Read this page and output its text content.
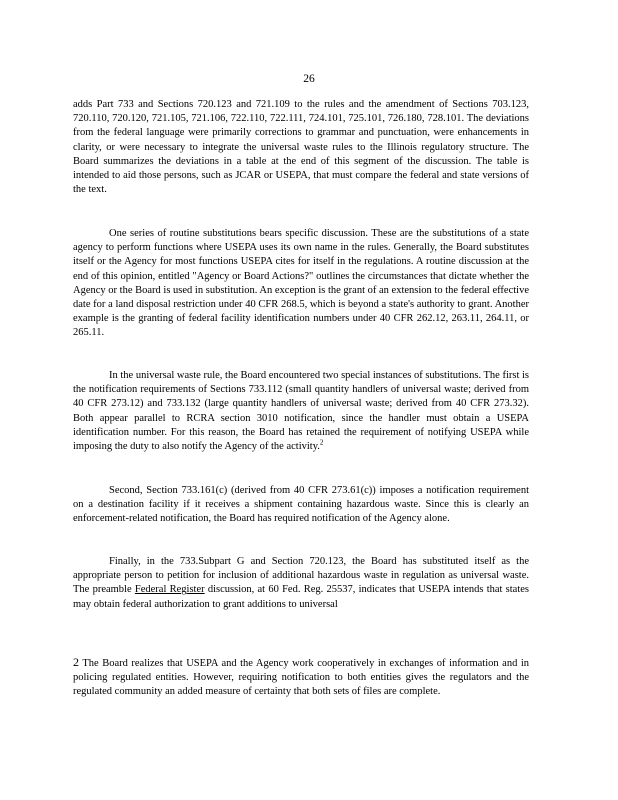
26

adds Part 733 and Sections 720.123 and 721.109 to the rules and the amendment of Sections 703.123, 720.110, 720.120, 721.105, 721.106, 722.110, 722.111, 724.101, 725.101, 726.180, 728.101. The deviations from the federal language were primarily corrections to grammar and punctuation, were enhancements in clarity, or were necessary to integrate the universal waste rules to the Illinois regulatory structure. The Board summarizes the deviations in a table at the end of this segment of the discussion. The table is intended to aid those persons, such as JCAR or USEPA, that must compare the federal and state versions of the text.

One series of routine substitutions bears specific discussion. These are the substitutions of a state agency to perform functions where USEPA uses its own name in the rules. Generally, the Board substitutes itself or the Agency for most functions USEPA cites for itself in the regulations. A routine discussion at the end of this opinion, entitled "Agency or Board Actions?" outlines the circumstances that dictate whether the Agency or the Board is used in substitution. An exception is the grant of an extension to the federal effective date for a land disposal restriction under 40 CFR 268.5, which is beyond a state's authority to grant. Another example is the granting of federal facility identification numbers under 40 CFR 262.12, 263.11, 264.11, or 265.11.

In the universal waste rule, the Board encountered two special instances of substitutions. The first is the notification requirements of Sections 733.112 (small quantity handlers of universal waste; derived from 40 CFR 273.12) and 733.132 (large quantity handlers of universal waste; derived from 40 CFR 273.32). Both appear parallel to RCRA section 3010 notification, since the handler must obtain a USEPA identification number. For this reason, the Board has retained the requirement of notifying USEPA while imposing the duty to also notify the Agency of the activity.$^2$

Second, Section 733.161(c) (derived from 40 CFR 273.61(c)) imposes a notification requirement on a destination facility if it receives a shipment containing hazardous waste. Since this is clearly an enforcement-related notification, the Board has required notification of the Agency alone.

Finally, in the 733.Subpart G and Section 720.123, the Board has substituted itself as the appropriate person to petition for inclusion of additional hazardous waste in regulation as universal waste. The preamble Federal Register discussion, at 60 Fed. Reg. 25537, indicates that USEPA intends that states may obtain federal authorization to grant additions to universal

2 The Board realizes that USEPA and the Agency work cooperatively in exchanges of information and in policing regulated entities. However, requiring notification to both entities gives the regulators and the regulated community an added measure of certainty that both sets of files are complete.
